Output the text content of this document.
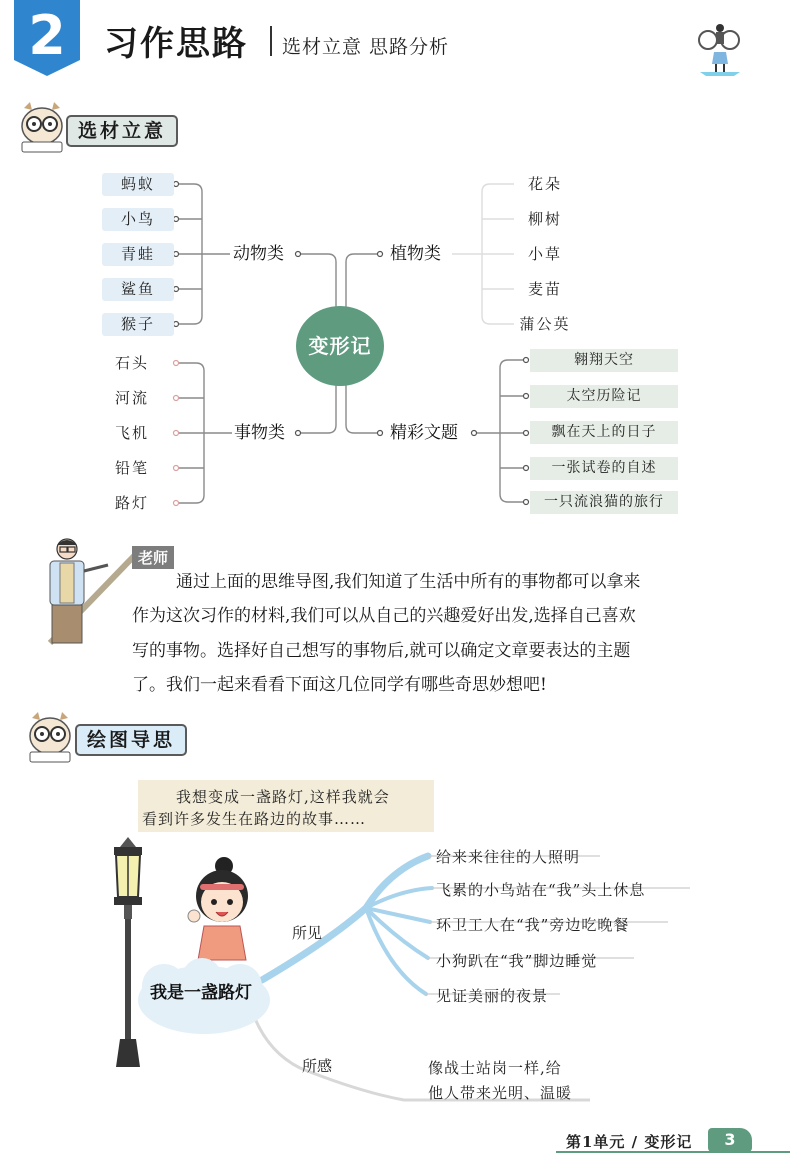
2	习作思路 选材立意 思路分析
选材立意
蚂蚁
小鸟
青蛙
鲨鱼
猴子
动物类
石头
河流
飞机
铅笔
路灯
事物类
变形记
植物类
花朵
柳树
小草
麦苗
蒲公英
精彩文题
翱翔天空
太空历险记
飘在天上的日子
一张试卷的自述
一只流浪猫的旅行
老师
通过上面的思维导图,我们知道了生活中所有的事物都可以拿来
作为这次习作的材料,我们可以从自己的兴趣爱好出发,选择自己喜欢
写的事物。选择好自己想写的事物后,就可以确定文章要表达的主题
了。我们一起来看看下面这几位同学有哪些奇思妙想吧!
绘图导思
我想变成一盏路灯,这样我就会
看到许多发生在路边的故事……
我是一盏路灯
所见
给来来往往的人照明
飞累的小鸟站在“我”头上休息
环卫工人在“我”旁边吃晚餐
小狗趴在“我”脚边睡觉
见证美丽的夜景
所感	像战士站岗一样,给
他人带来光明、温暖
第1单元 / 变形记	3
